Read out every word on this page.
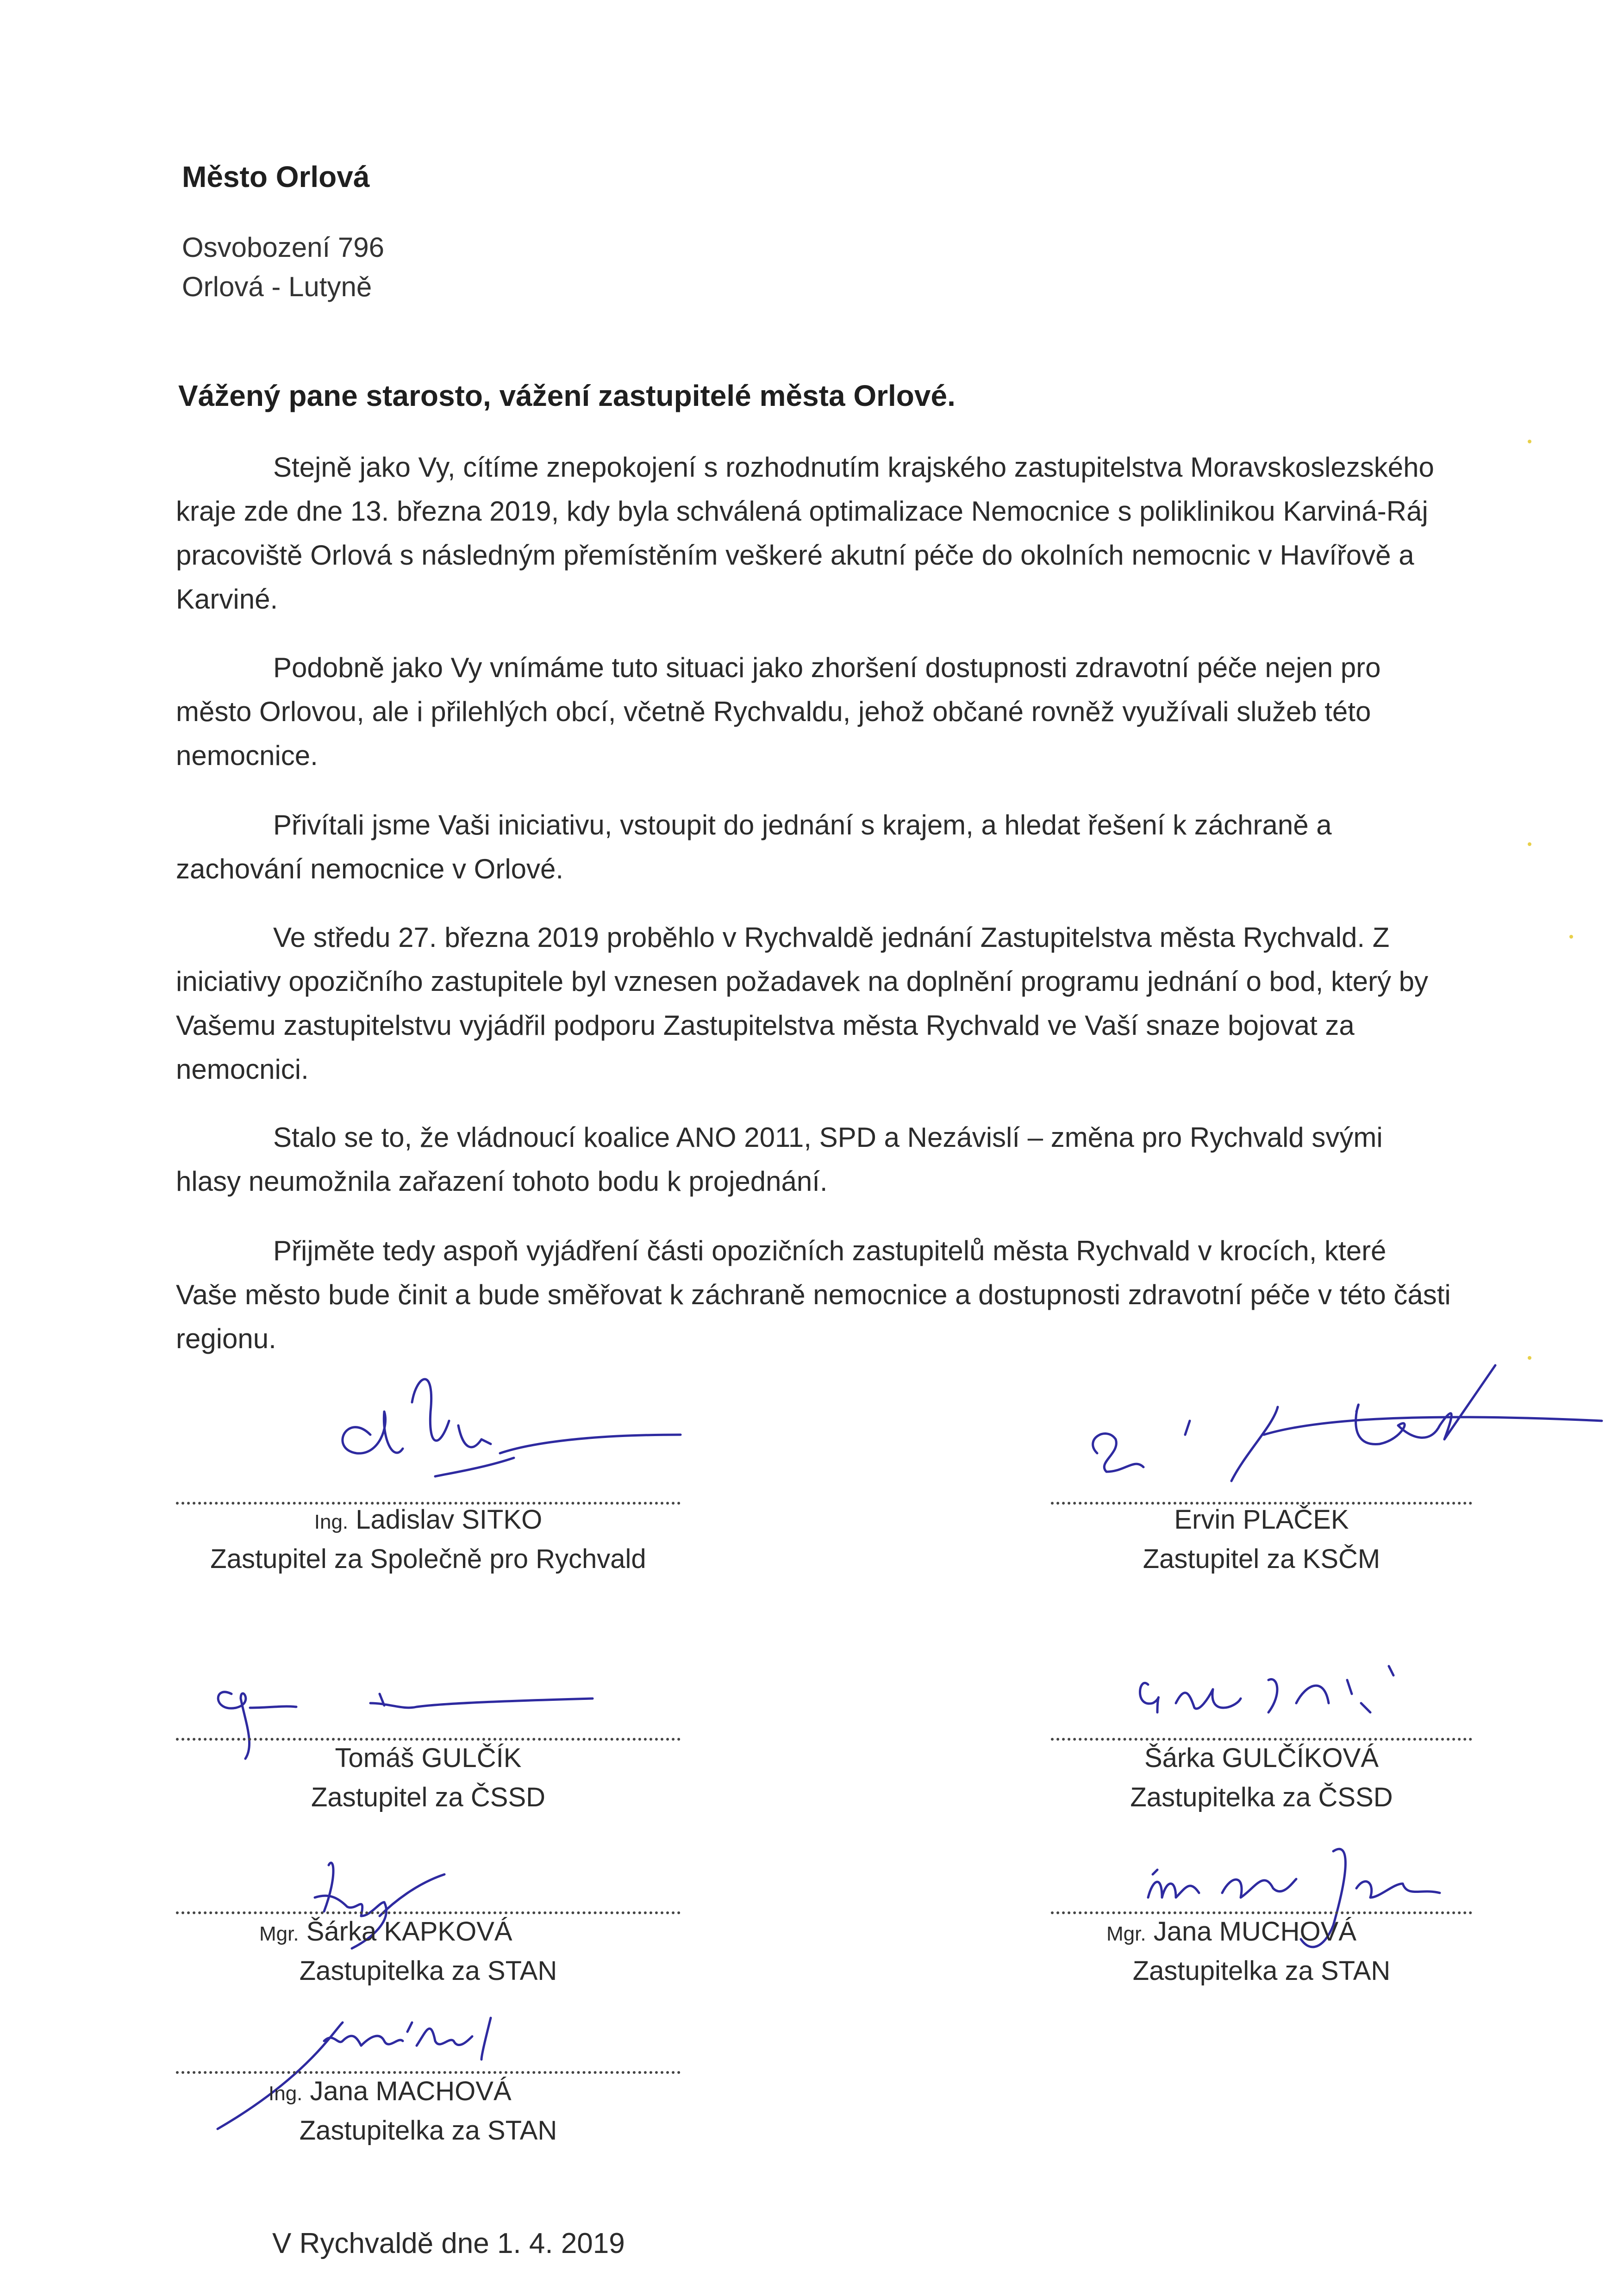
Město Orlová
Osvobození 796
Orlová - Lutyně
Vážený pane starosto, vážení zastupitelé města Orlové.

Stejně jako Vy, cítíme znepokojení s rozhodnutím krajského zastupitelstva Moravskoslezského kraje zde dne 13. března 2019, kdy byla schválená optimalizace Nemocnice s poliklinikou Karviná-Ráj pracoviště Orlová s následným přemístěním veškeré akutní péče do okolních nemocnic v Havířově a Karviné.

Podobně jako Vy vnímáme tuto situaci jako zhoršení dostupnosti zdravotní péče nejen pro město Orlovou, ale i přilehlých obcí, včetně Rychvaldu, jehož občané rovněž využívali služeb této nemocnice.

Přivítali jsme Vaši iniciativu, vstoupit do jednání s krajem, a hledat řešení k záchraně a zachování nemocnice v Orlové.

Ve středu 27. března 2019 proběhlo v Rychvaldě jednání Zastupitelstva města Rychvald. Z iniciativy opozičního zastupitele byl vznesen požadavek na doplnění programu jednání o bod, který by Vašemu zastupitelstvu vyjádřil podporu Zastupitelstva města Rychvald ve Vaší snaze bojovat za nemocnici.

Stalo se to, že vládnoucí koalice ANO 2011, SPD a Nezávislí – změna pro Rychvald svými hlasy neumožnila zařazení tohoto bodu k projednání.

Přijměte tedy aspoň vyjádření části opozičních zastupitelů města Rychvald v krocích, které Vaše město bude činit a bude směřovat k záchraně nemocnice a dostupnosti zdravotní péče v této části regionu.

Ing. Ladislav SITKO
Zastupitel za Společně pro Rychvald
Ervin PLAČEK
Zastupitel za KSČM
Tomáš GULČÍK
Zastupitel za ČSSD
Šárka GULČÍKOVÁ
Zastupitelka za ČSSD
Mgr. Šárka KAPKOVÁ
Zastupitelka za STAN
Mgr. Jana MUCHOVÁ
Zastupitelka za STAN
Ing. Jana MACHOVÁ
Zastupitelka za STAN
V Rychvaldě dne 1. 4. 2019
